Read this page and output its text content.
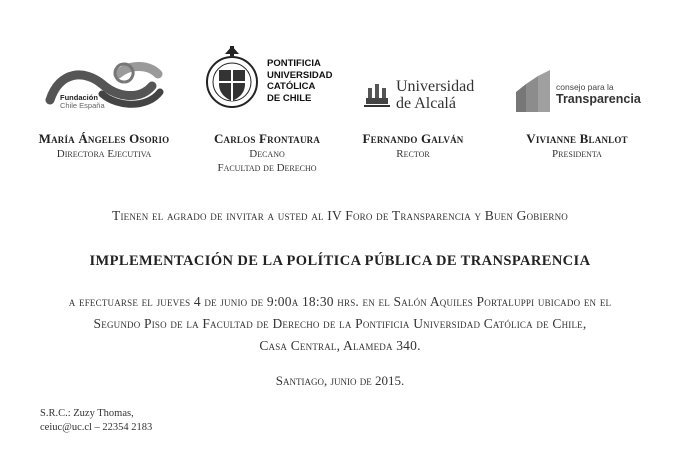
Fundación
Chile España
PONTIFICIA
UNIVERSIDAD
CATÓLICA
DE CHILE
Universidad
de Alcalá
consejo para la
Transparencia
María Ángeles Osorio
Directora Ejecutiva
Carlos Frontaura
Decano
Facultad de Derecho
Fernando Galván
Rector
Vivianne Blanlot
Presidenta
Tienen el agrado de invitar a usted al IV Foro de Transparencia y Buen Gobierno
IMPLEMENTACIÓN DE LA POLÍTICA PÚBLICA DE TRANSPARENCIA
a efectuarse el jueves 4 de junio de 9:00a 18:30 hrs. en el Salón Aquiles Portaluppi ubicado en el
Segundo Piso de la Facultad de Derecho de la Pontificia Universidad Católica de Chile,
Casa Central, Alameda 340.
Santiago, junio de 2015.
S.R.C.: Zuzy Thomas,
ceiuc@uc.cl – 22354 2183
